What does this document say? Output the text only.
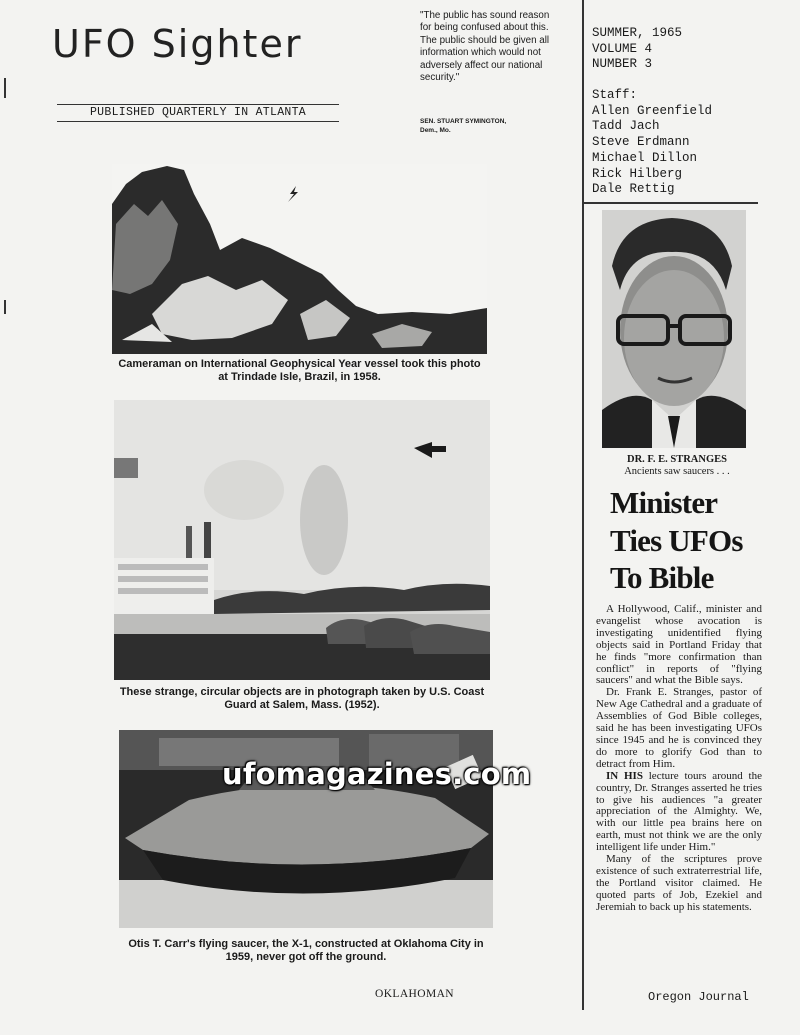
UFO Sighter
PUBLISHED QUARTERLY IN ATLANTA
"The public has sound reason for being confused about this. The public should be given all information which would not adversely affect our national security."
SEN. STUART SYMINGTON,
Dem., Mo.
SUMMER, 1965
VOLUME 4
NUMBER 3
Staff:
Allen Greenfield
Tadd Jach
Steve Erdmann
Michael Dillon
Rick Hilberg
Dale Rettig
Cameraman on International Geophysical Year vessel took this photo at Trindade Isle, Brazil, in 1958.
These strange, circular objects are in photograph taken by U.S. Coast Guard at Salem, Mass. (1952).
Otis T. Carr's flying saucer, the X-1, constructed at Oklahoma City in 1959, never got off the ground.
OKLAHOMAN
DR. F. E. STRANGES
Ancients saw saucers . . .
Minister
Ties UFOs
To Bible

A Hollywood, Calif., minister and evangelist whose avocation is investigating unidentified flying objects said in Portland Friday that he finds "more confirmation than conflict" in reports of "flying saucers" and what the Bible says.

Dr. Frank E. Stranges, pastor of New Age Cathedral and a graduate of Assemblies of God Bible colleges, said he has been investigating UFOs since 1945 and he is convinced they do more to glorify God than to detract from Him.

IN HIS lecture tours around the country, Dr. Stranges asserted he tries to give his audiences "a greater appreciation of the Almighty. We, with our little pea brains here on earth, must not think we are the only intelligent life under Him."

Many of the scriptures prove existence of such extraterrestrial life, the Portland visitor claimed. He quoted parts of Job, Ezekiel and Jeremiah to back up his statements.

Oregon Journal
ufomagazines.com
